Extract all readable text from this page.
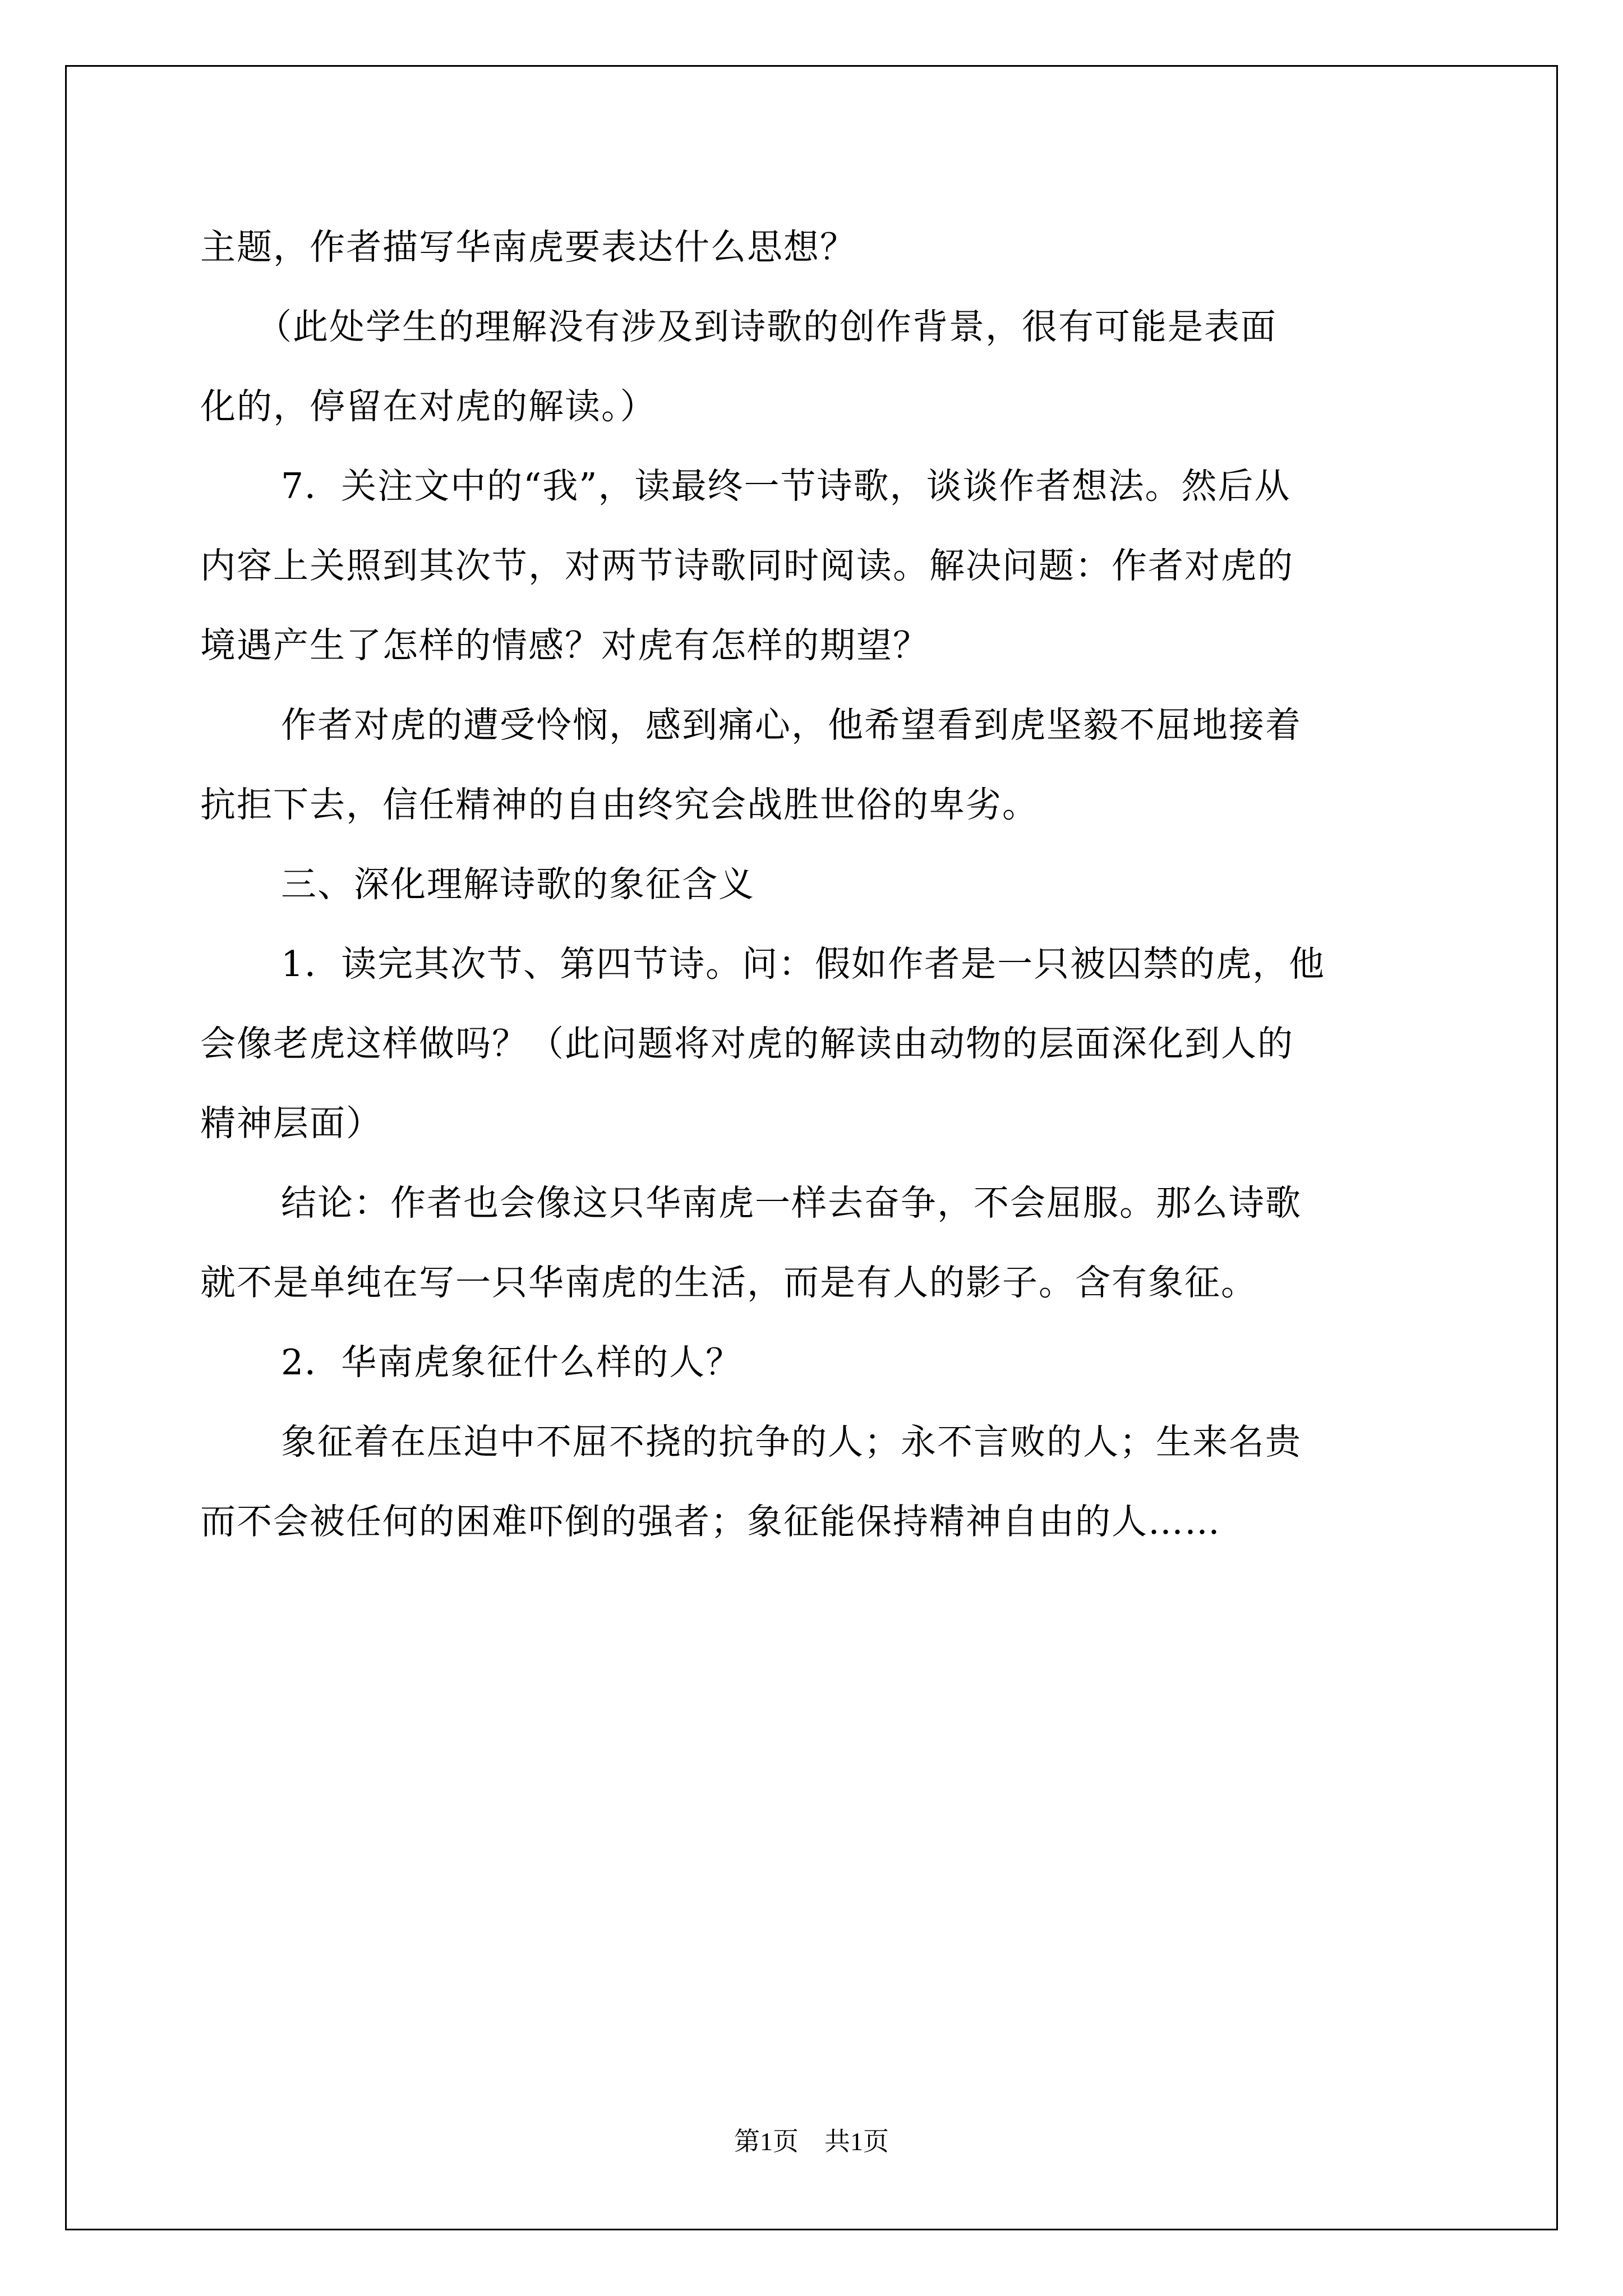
主题，作者描写华南虎要表达什么思想？

（此处学生的理解没有涉及到诗歌的创作背景，很有可能是表面

化的，停留在对虎的解读。）

7．关注文中的“我”，读最终一节诗歌，谈谈作者想法。然后从

内容上关照到其次节，对两节诗歌同时阅读。解决问题：作者对虎的

境遇产生了怎样的情感？对虎有怎样的期望？

作者对虎的遭受怜悯，感到痛心，他希望看到虎坚毅不屈地接着

抗拒下去，信任精神的自由终究会战胜世俗的卑劣。

三、深化理解诗歌的象征含义

1．读完其次节、第四节诗。问：假如作者是一只被囚禁的虎，他

会像老虎这样做吗？（此问题将对虎的解读由动物的层面深化到人的

精神层面）

结论：作者也会像这只华南虎一样去奋争，不会屈服。那么诗歌

就不是单纯在写一只华南虎的生活，而是有人的影子。含有象征。

2．华南虎象征什么样的人？

象征着在压迫中不屈不挠的抗争的人；永不言败的人；生来名贵

而不会被任何的困难吓倒的强者；象征能保持精神自由的人……

第1页　共1页
